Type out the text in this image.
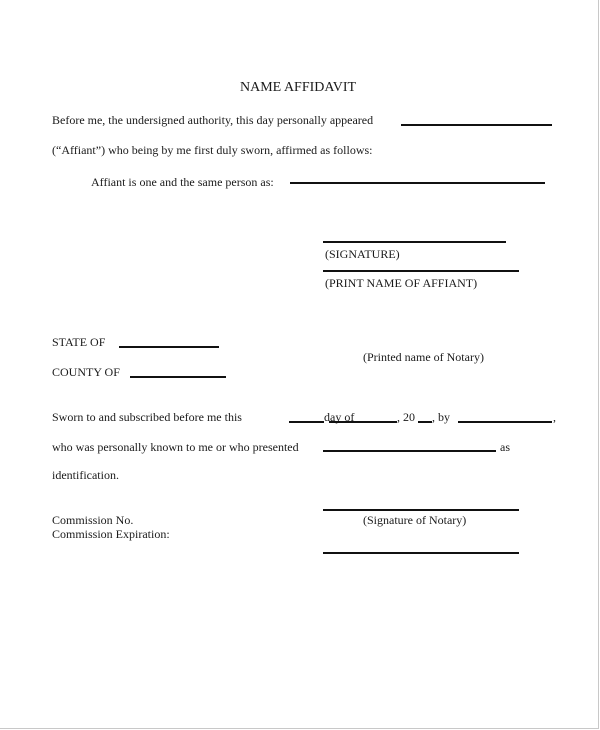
NAME AFFIDAVIT
Before me, the undersigned authority, this day personally appeared
(“Affiant”) who being by me first duly sworn, affirmed as follows:
Affiant is one and the same person as:
(SIGNATURE)
(PRINT NAME OF AFFIANT)
STATE OF
(Printed name of Notary)
COUNTY OF
Sworn to and subscribed before me this	day of	, 20 , by	,
who was personally known to me or who presented	as
identification.
Commission No.	(Signature of Notary)
Commission Expiration:
